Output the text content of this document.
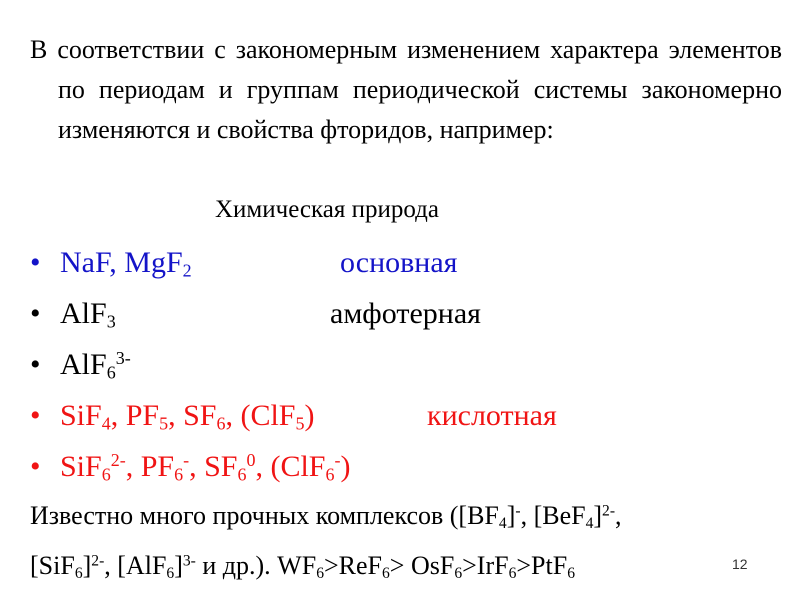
В соответствии с закономерным изменением характера элементов по периодам и группам периодической системы закономерно изменяются и свойства фторидов, например:
Химическая природа
• NaF, MgF$_2$	основная
• AlF$_3$	амфотерная
• AlF$_6^{3-}$
• SiF$_4$, $PF_5$, $SF_6$, (ClF$_5$)	кислотная
• SiF$_6^{2-}$, $PF_6^-$, $SF_6^0$, (ClF$_6$-)
Известно много прочных комплексов ($[BF_4]^-$, $[BeF_4]^{2-}$,
$[SiF_6]^{2-}$, $[AlF_6]^{3-}$ и др.). $WF_6>ReF_6> OsF_6>IrF_6>PtF_6$
12
